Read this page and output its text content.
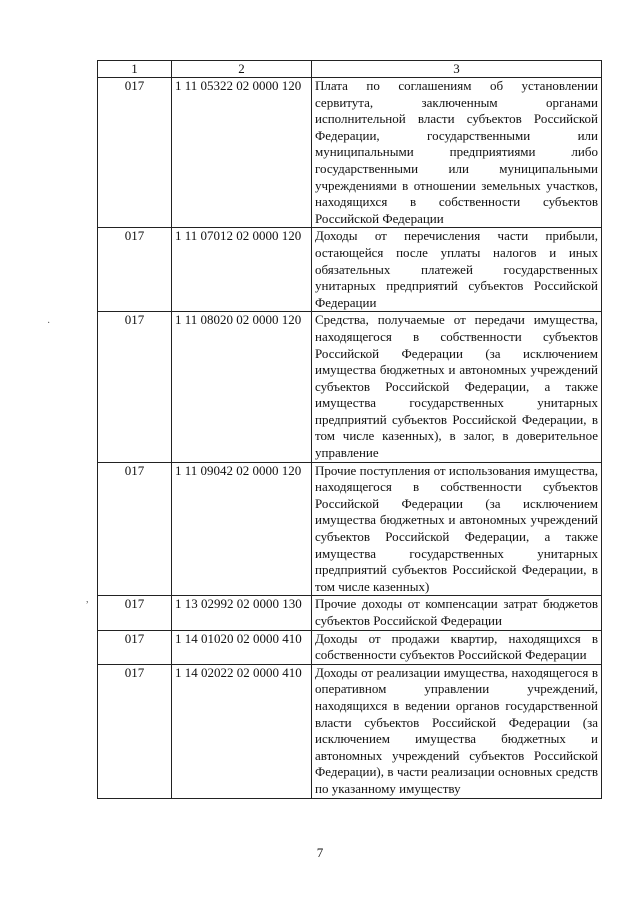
1	2	3
017	1 11 05322 02 0000 120	Плата по соглашениям об установлении сервитута, заключенным органами исполнительной власти субъектов Российской Федерации, государственными или муниципальными предприятиями либо государственными или муниципальными учреждениями в отношении земельных участков, находящихся в собственности субъектов Российской Федерации
017	1 11 07012 02 0000 120	Доходы от перечисления части прибыли, остающейся после уплаты налогов и иных обязательных платежей государственных унитарных предприятий субъектов Российской Федерации
017	1 11 08020 02 0000 120	Средства, получаемые от передачи имущества, находящегося в собственности субъектов Российской Федерации (за исключением имущества бюджетных и автономных учреждений субъектов Российской Федерации, а также имущества государственных унитарных предприятий субъектов Российской Федерации, в том числе казенных), в залог, в доверительное управление
017	1 11 09042 02 0000 120	Прочие поступления от использования имущества, находящегося в собственности субъектов Российской Федерации (за исключением имущества бюджетных и автономных учреждений субъектов Российской Федерации, а также имущества государственных унитарных предприятий субъектов Российской Федерации, в том числе казенных)
017	1 13 02992 02 0000 130	Прочие доходы от компенсации затрат бюджетов субъектов Российской Федерации
017	1 14 01020 02 0000 410	Доходы от продажи квартир, находящихся в собственности субъектов Российской Федерации
017	1 14 02022 02 0000 410	Доходы от реализации имущества, находящегося в оперативном управлении учреждений, находящихся в ведении органов государственной власти субъектов Российской Федерации (за исключением имущества бюджетных и автономных учреждений субъектов Российской Федерации), в части реализации основных средств по указанному имуществу
·
,
7
